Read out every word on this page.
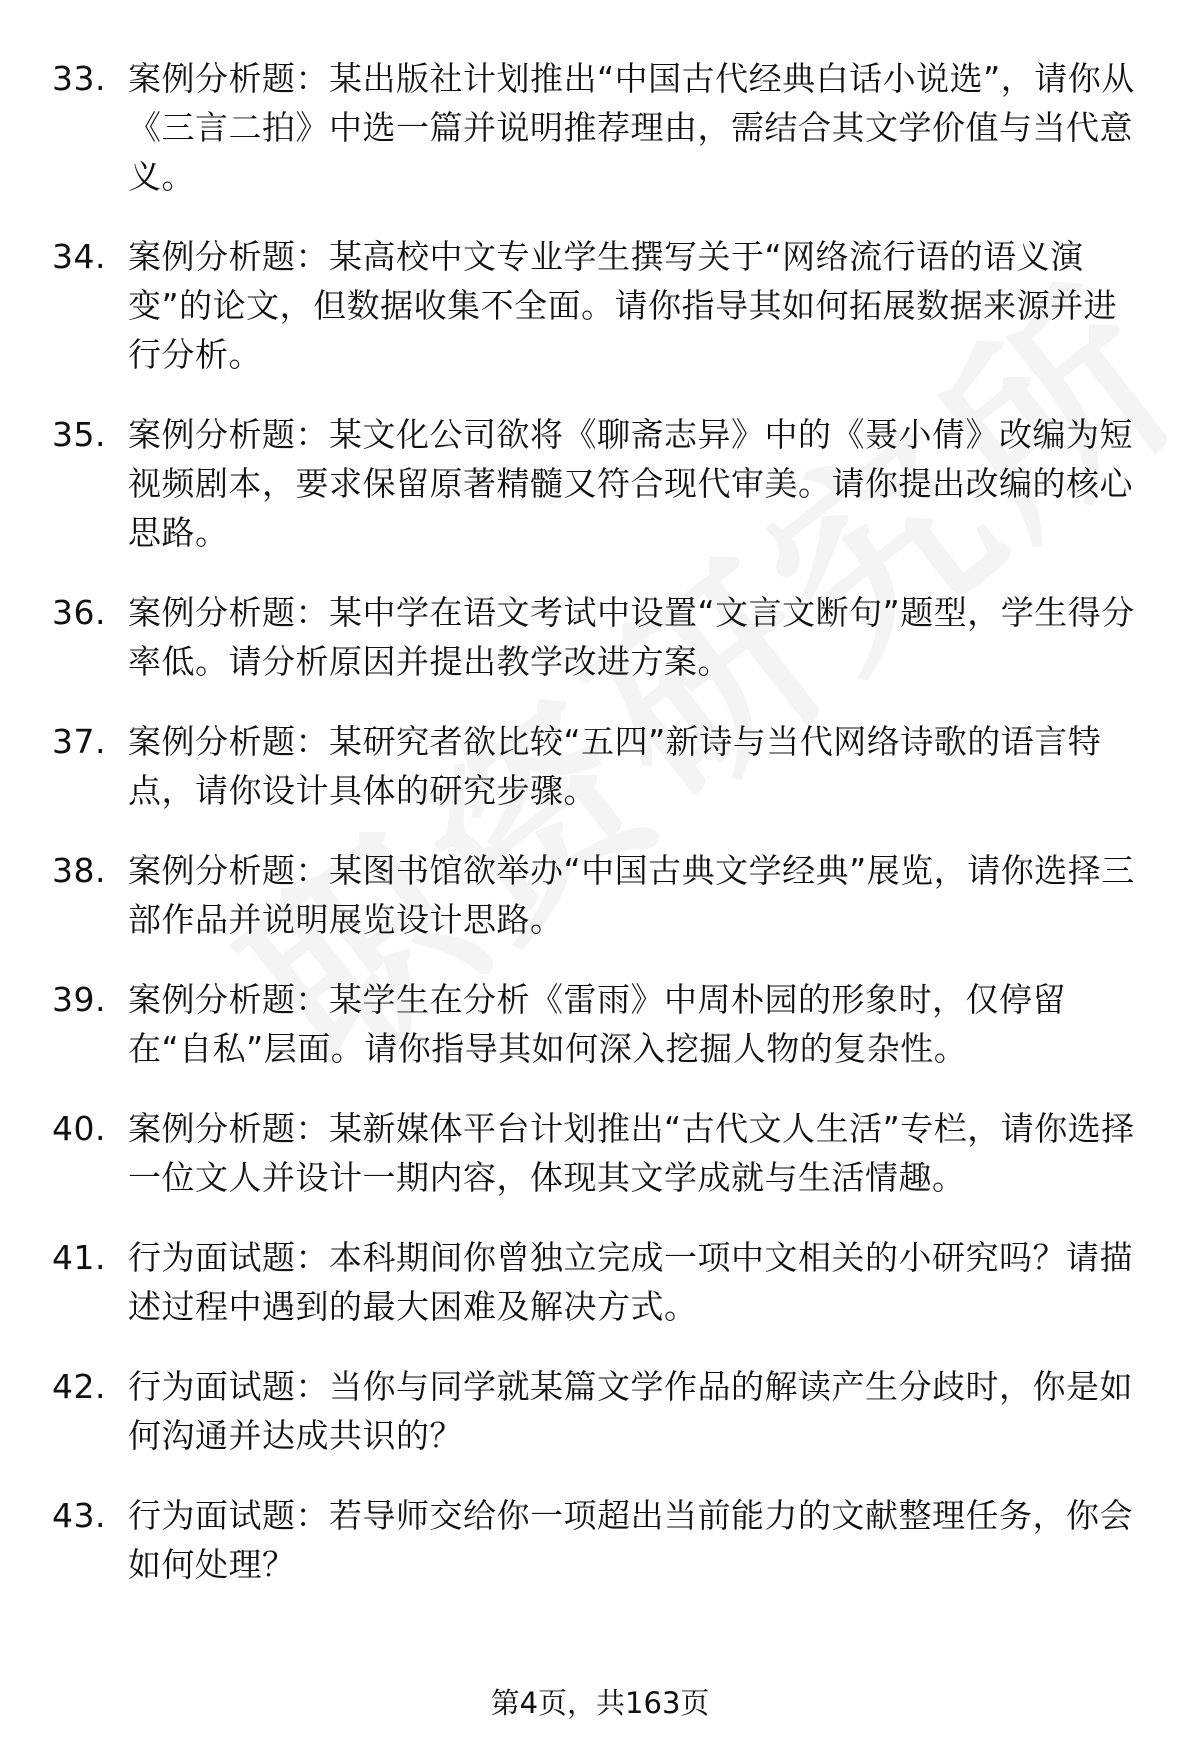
33. 案例分析题：某出版社计划推出“中国古代经典白话小说选”，请你从《三言二拍》中选一篇并说明推荐理由，需结合其文学价值与当代意义。
34. 案例分析题：某高校中文专业学生撰写关于“网络流行语的语义演变”的论文，但数据收集不全面。请你指导其如何拓展数据来源并进行分析。
35. 案例分析题：某文化公司欲将《聊斋志异》中的《聂小倩》改编为短视频剧本，要求保留原著精髓又符合现代审美。请你提出改编的核心思路。
36. 案例分析题：某中学在语文考试中设置“文言文断句”题型，学生得分率低。请分析原因并提出教学改进方案。
37. 案例分析题：某研究者欲比较“五四”新诗与当代网络诗歌的语言特点，请你设计具体的研究步骤。
38. 案例分析题：某图书馆欲举办“中国古典文学经典”展览，请你选择三部作品并说明展览设计思路。
39. 案例分析题：某学生在分析《雷雨》中周朴园的形象时，仅停留在“自私”层面。请你指导其如何深入挖掘人物的复杂性。
40. 案例分析题：某新媒体平台计划推出“古代文人生活”专栏，请你选择一位文人并设计一期内容，体现其文学成就与生活情趣。
41. 行为面试题：本科期间你曾独立完成一项中文相关的小研究吗？请描述过程中遇到的最大困难及解决方式。
42. 行为面试题：当你与同学就某篇文学作品的解读产生分歧时，你是如何沟通并达成共识的？
43. 行为面试题：若导师交给你一项超出当前能力的文献整理任务，你会如何处理？
第4页，共163页
